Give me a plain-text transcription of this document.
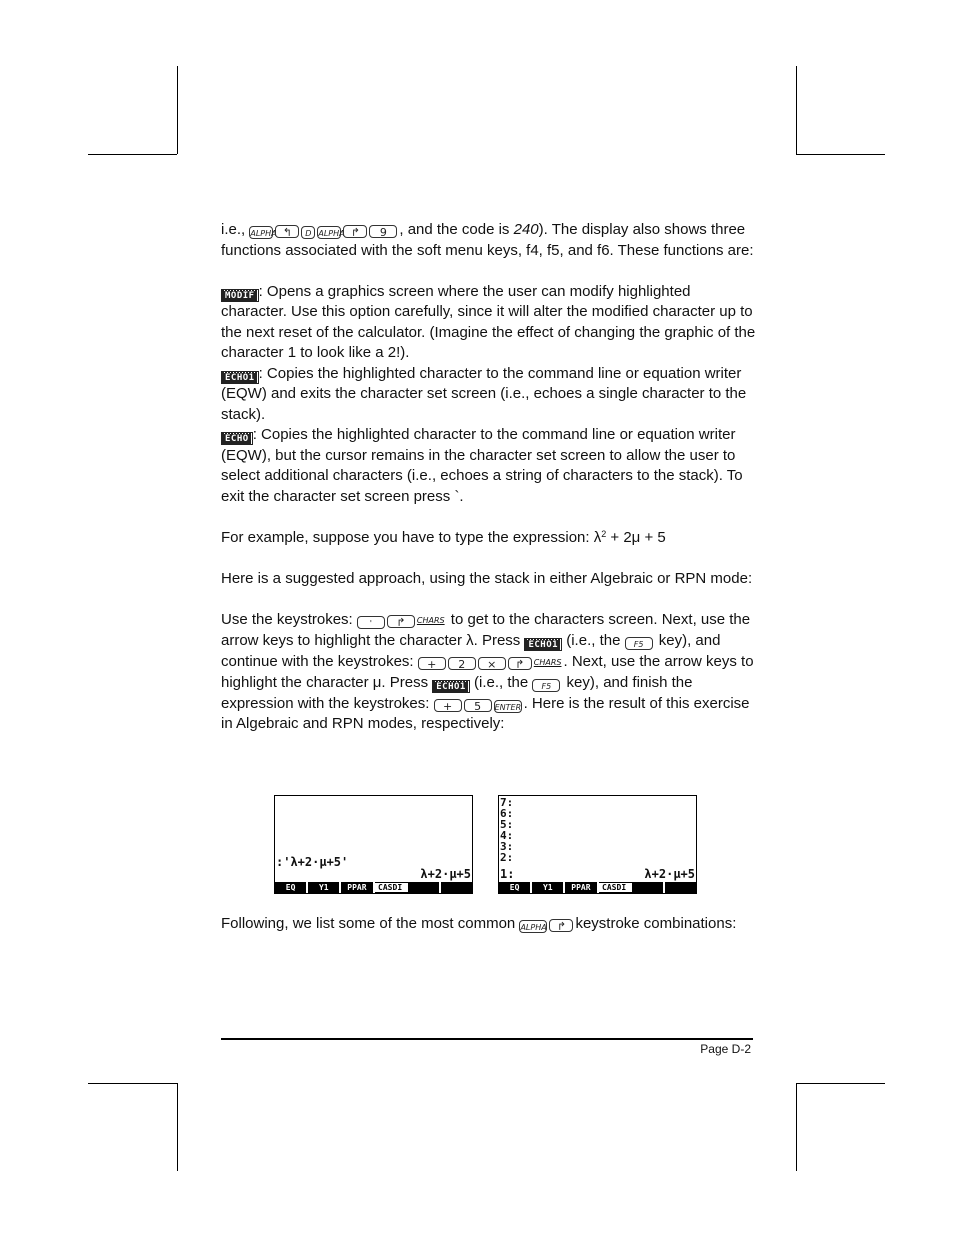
i.e., ALPHA ↰ D ALPHA ↱ 9 , and the code is 240). The display also shows three functions associated with the soft menu keys, f4, f5, and f6. These functions are:

MODIF : Opens a graphics screen where the user can modify highlighted character. Use this option carefully, since it will alter the modified character up to the next reset of the calculator. (Imagine the effect of changing the graphic of the character 1 to look like a 2!).

ECHO1 : Copies the highlighted character to the command line or equation writer (EQW) and exits the character set screen (i.e., echoes a single character to the stack).

ECHO : Copies the highlighted character to the command line or equation writer (EQW), but the cursor remains in the character set screen to allow the user to select additional characters (i.e., echoes a string of characters to the stack). To exit the character set screen press `.

For example, suppose you have to type the expression: $\lambda^2 + 2\mu + 5$

Here is a suggested approach, using the stack in either Algebraic or RPN mode:

Use the keystrokes: ' ↱ CHARS to get to the characters screen. Next, use the arrow keys to highlight the character λ. Press ECHO1 (i.e., the F5 key), and continue with the keystrokes: + 2 × ↱ CHARS . Next, use the arrow keys to highlight the character μ. Press ECHO1 (i.e., the F5 key), and finish the expression with the keystrokes: + 5 ENTER . Here is the result of this exercise in Algebraic and RPN modes, respectively:

:'λ+2·μ+5'
λ+2·μ+5
EQ	Y1	PPAR	CASDI
7:
6:
5:
4:
3:
2:
1:	λ+2·μ+5
EQ	Y1	PPAR	CASDI

Following, we list some of the most common ALPHA ↱ keystroke combinations:

Page D-2
